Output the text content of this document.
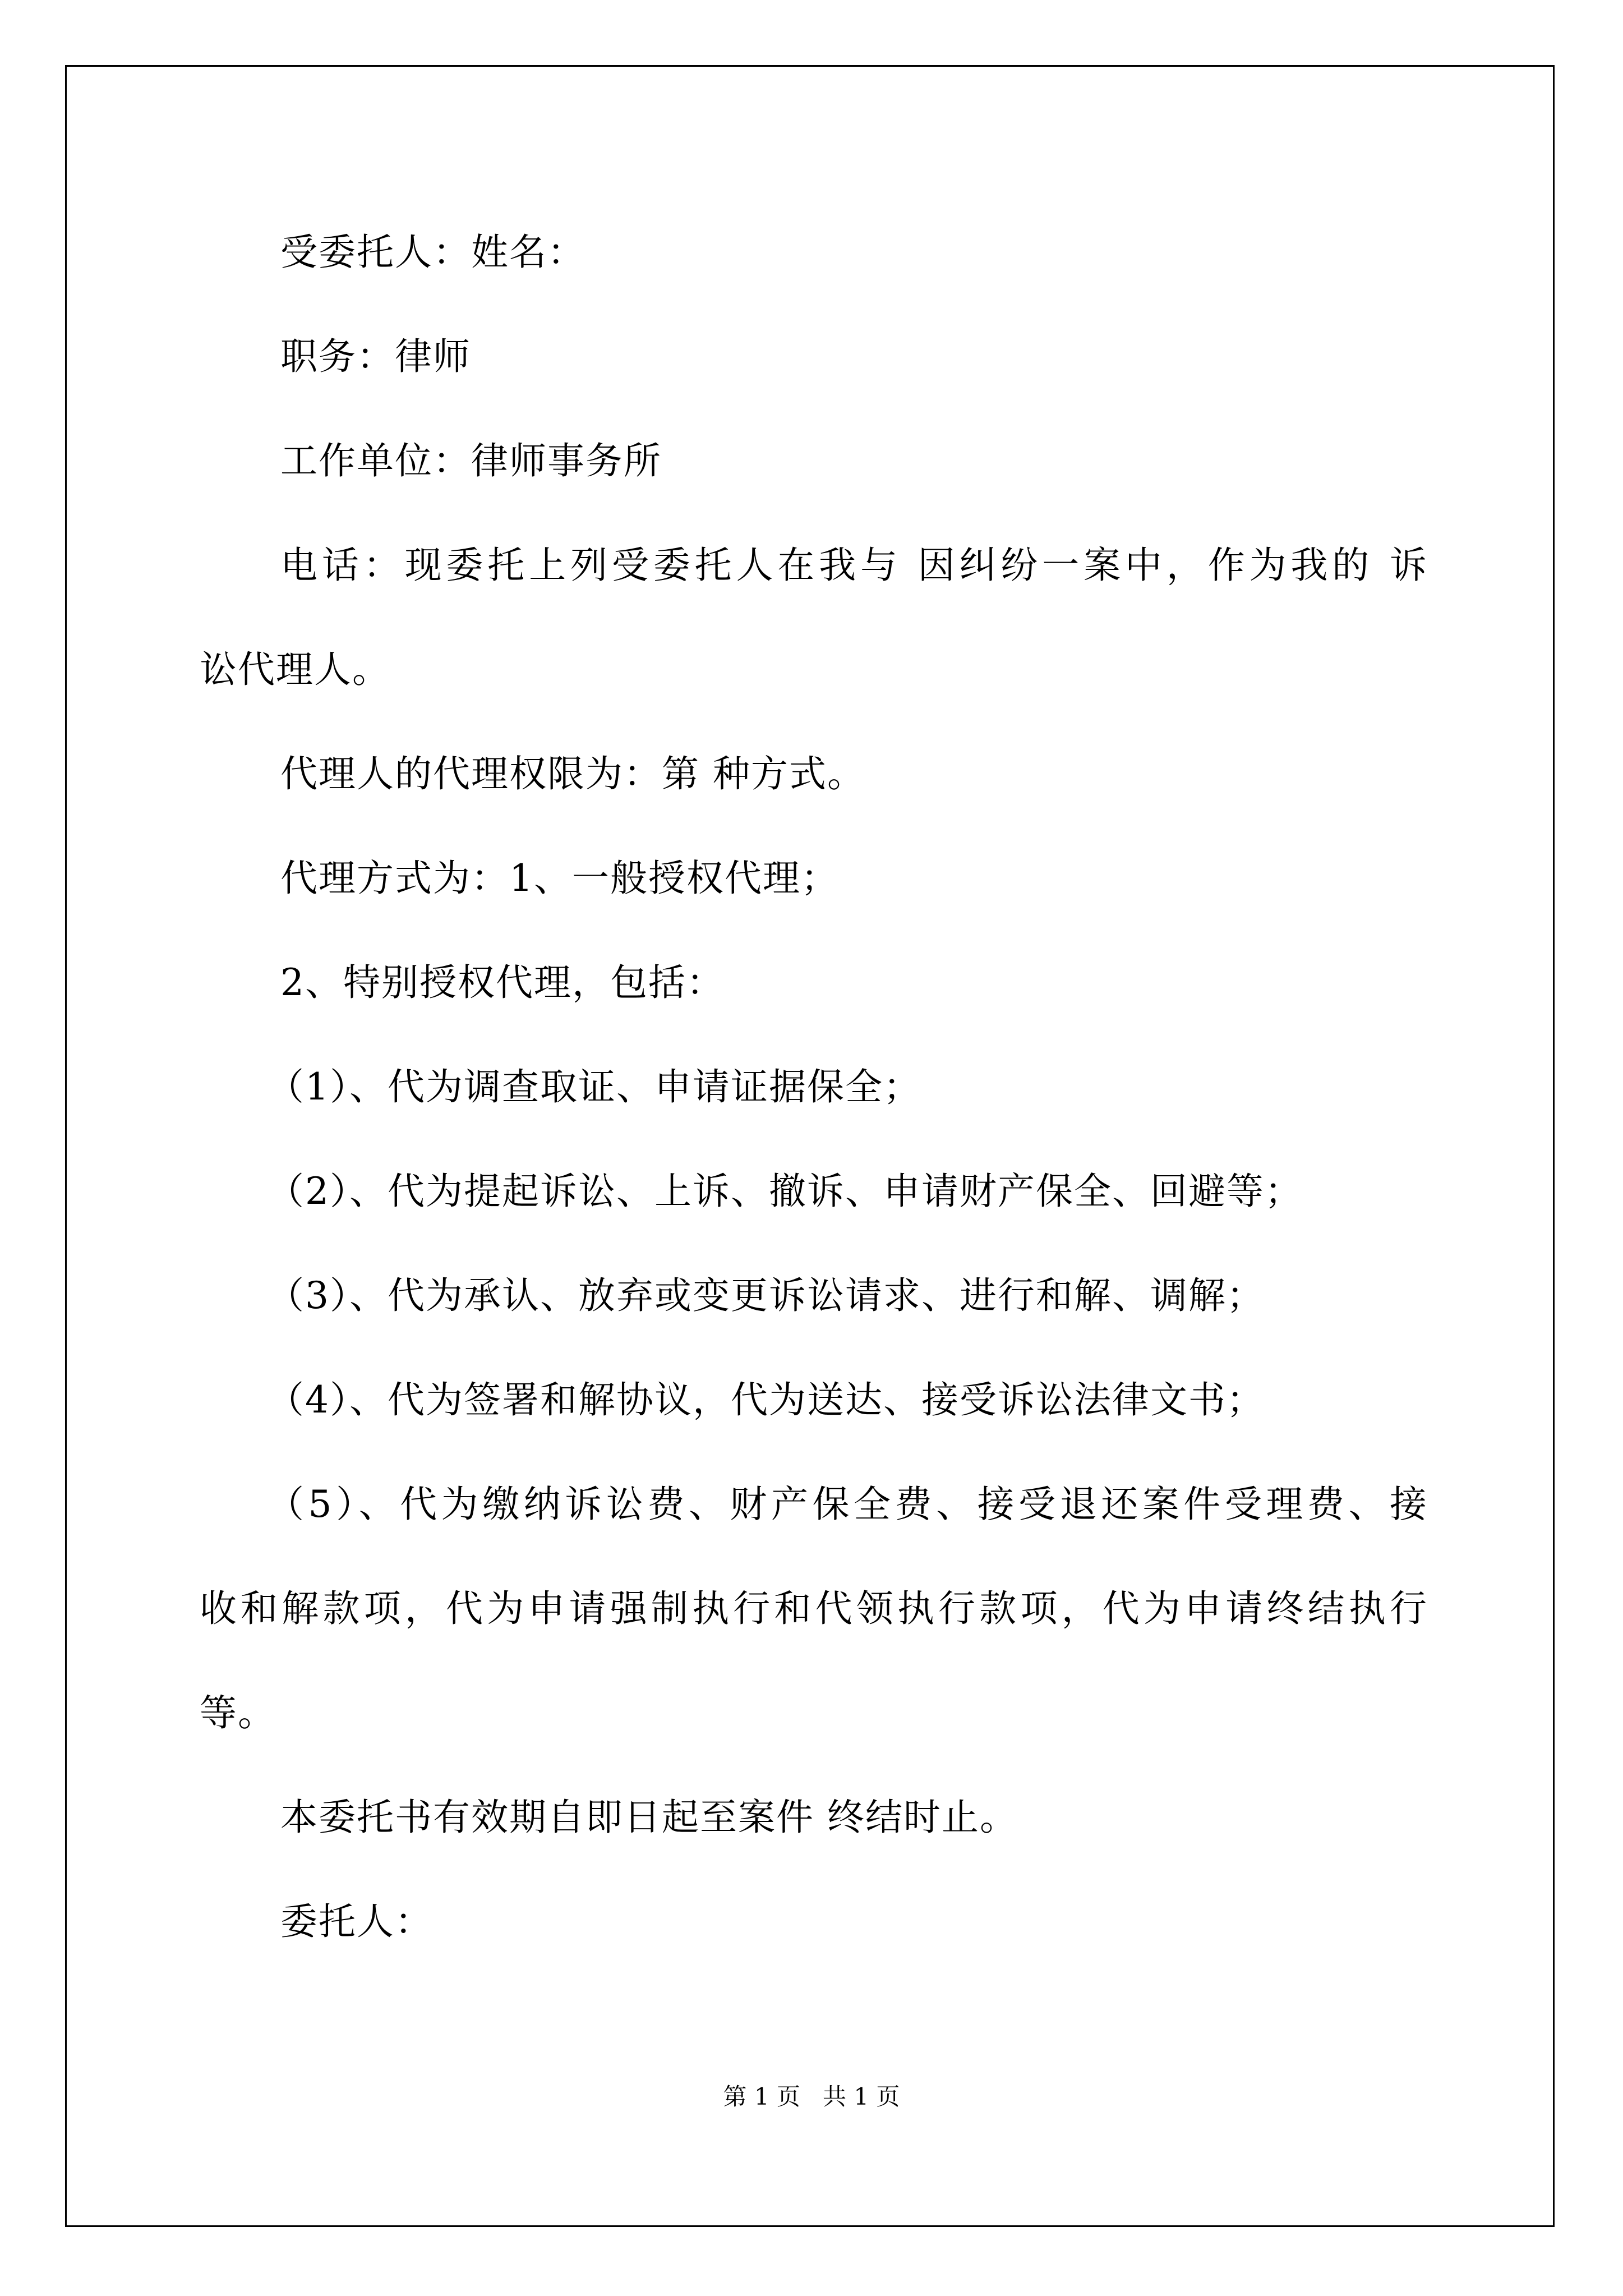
受委托人：姓名：
职务：律师
工作单位：律师事务所
电话：现委托上列受委托人在我与 因纠纷一案中，作为我的 诉
讼代理人。
代理人的代理权限为：第 种方式。
代理方式为：1、一般授权代理；
2、特别授权代理，包括：
（1）、代为调查取证、申请证据保全；
（2）、代为提起诉讼、上诉、撤诉、申请财产保全、回避等；
（3）、代为承认、放弃或变更诉讼请求、进行和解、调解；
（4）、代为签署和解协议，代为送达、接受诉讼法律文书；
（5）、代为缴纳诉讼费、财产保全费、接受退还案件受理费、接
收和解款项，代为申请强制执行和代领执行款项，代为申请终结执行
等。
本委托书有效期自即日起至案件 终结时止。
委托人：
第 1 页   共 1 页
